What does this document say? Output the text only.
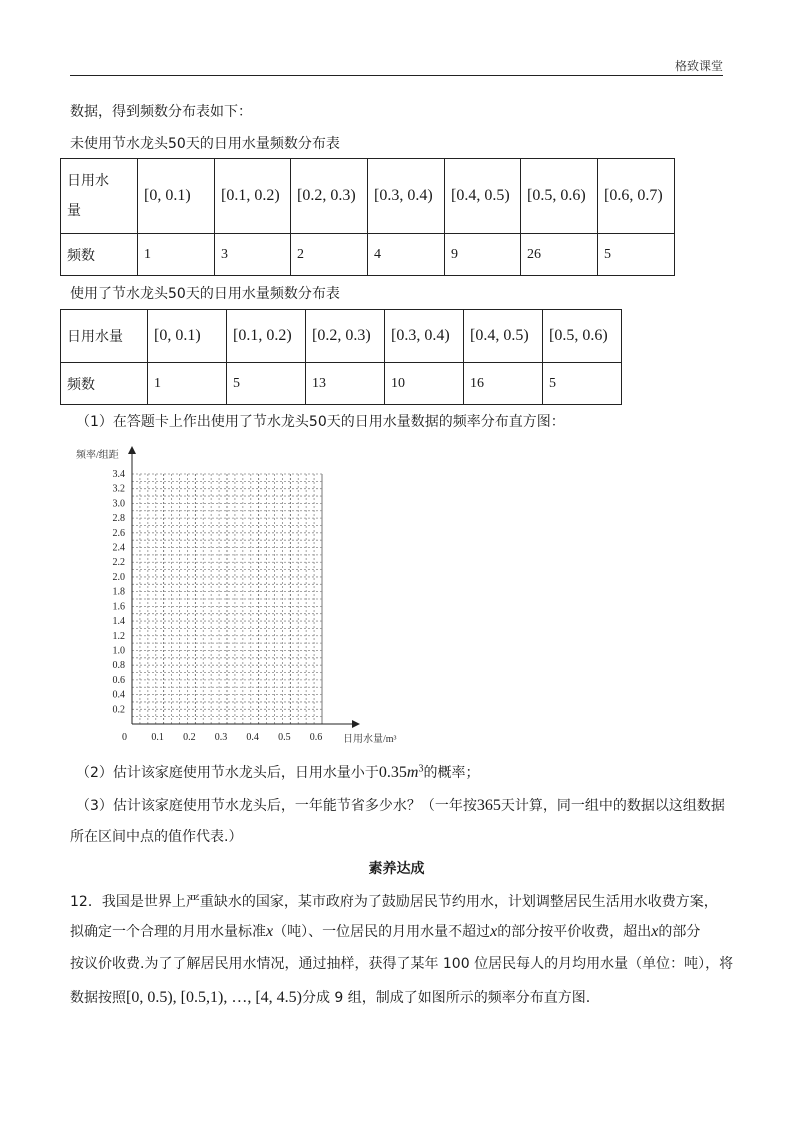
格致课堂
数据，得到频数分布表如下：
未使用节水龙头50天的日用水量频数分布表
日用水
量	[0, 0.1)	[0.1, 0.2)	[0.2, 0.3)	[0.3, 0.4)	[0.4, 0.5)	[0.5, 0.6)	[0.6, 0.7)
频数	1	3	2	4	9	26	5
使用了节水龙头50天的日用水量频数分布表
日用水量	[0, 0.1)	[0.1, 0.2)	[0.2, 0.3)	[0.3, 0.4)	[0.4, 0.5)	[0.5, 0.6)
频数	1	5	13	10	16	5
（1）在答题卡上作出使用了节水龙头50天的日用水量数据的频率分布直方图：
频率/组距
日用水量/m³
0 0.1 0.2 0.3 0.4 0.5 0.6
0.2
0.4
0.6
0.8
1.0
1.2
1.4
1.6
1.8
2.0
2.2
2.4
2.6
2.8
3.0
3.2
3.4
（2）估计该家庭使用节水龙头后，日用水量小于$0.35m^3$的概率；
（3）估计该家庭使用节水龙头后，一年能节省多少水？（一年按365天计算，同一组中的数据以这组数据
所在区间中点的值作代表.）
素养达成
12．我国是世界上严重缺水的国家，某市政府为了鼓励居民节约用水，计划调整居民生活用水收费方案，
拟确定一个合理的月用水量标准x（吨）、一位居民的月用水量不超过x的部分按平价收费，超出x的部分
按议价收费.为了了解居民用水情况，通过抽样，获得了某年 100 位居民每人的月均用水量（单位：吨），将
数据按照[0, 0.5), [0.5,1), …, [4, 4.5)分成 9 组，制成了如图所示的频率分布直方图.
